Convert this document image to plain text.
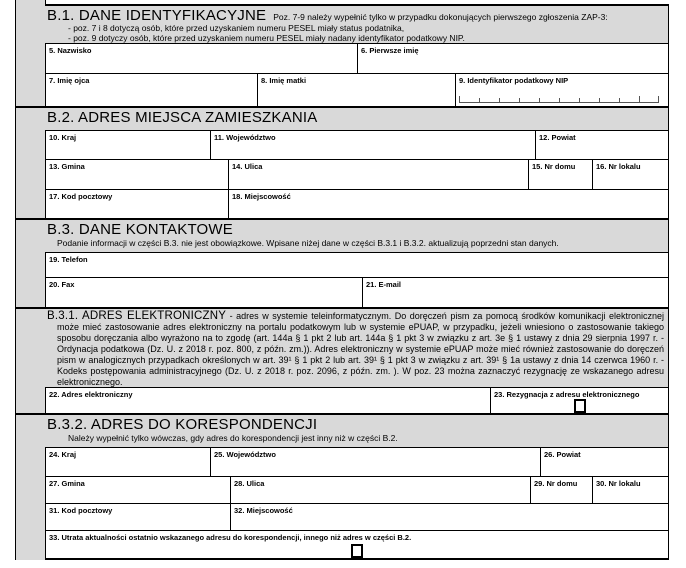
B.1. DANE IDENTYFIKACYJNE Poz. 7-9 należy wypełnić tylko w przypadku dokonujących pierwszego zgłoszenia ZAP-3:
- poz. 7 i 8 dotyczą osób, które przed uzyskaniem numeru PESEL miały status podatnika,
- poz. 9 dotyczy osób, które przed uzyskaniem numeru PESEL miały nadany identyfikator podatkowy NIP.
5. Nazwisko	6. Pierwsze imię
7. Imię ojca	8. Imię matki	9. Identyfikator podatkowy NIP
B.2. ADRES MIEJSCA ZAMIESZKANIA
10. Kraj	11. Województwo	12. Powiat
13. Gmina	14. Ulica	15. Nr domu	16. Nr lokalu
17. Kod pocztowy	18. Miejscowość
B.3. DANE KONTAKTOWE
Podanie informacji w części B.3. nie jest obowiązkowe. Wpisane niżej dane w części B.3.1 i B.3.2. aktualizują poprzedni stan danych.
19. Telefon
20. Fax	21. E-mail
B.3.1. ADRES ELEKTRONICZNY - adres w systemie teleinformatycznym. Do doręczeń pism za pomocą środków komunikacji elektronicznej może mieć zastosowanie adres elektroniczny na portalu podatkowym lub w systemie ePUAP, w przypadku, jeżeli wniesiono o zastosowanie takiego sposobu doręczania albo wyrażono na to zgodę (art. 144a § 1 pkt 2 lub art. 144a § 1 pkt 3 w związku z art. 3e § 1 ustawy z dnia 29 sierpnia 1997 r. - Ordynacja podatkowa (Dz. U. z 2018 r. poz. 800, z późn. zm.)). Adres elektroniczny w systemie ePUAP może mieć również zastosowanie do doręczeń pism w analogicznych przypadkach określonych w art. 39¹ § 1 pkt 2 lub art. 39¹ § 1 pkt 3 w związku z art. 39¹ § 1a ustawy z dnia 14 czerwca 1960 r. - Kodeks postępowania administracyjnego (Dz. U. z 2018 r. poz. 2096, z późn. zm. ). W poz. 23 można zaznaczyć rezygnację ze wskazanego adresu elektronicznego.
22. Adres elektroniczny	23. Rezygnacja z adresu elektronicznego
B.3.2. ADRES DO KORESPONDENCJI
Należy wypełnić tylko wówczas, gdy adres do korespondencji jest inny niż w części B.2.
24. Kraj	25. Województwo	26. Powiat
27. Gmina	28. Ulica	29. Nr domu	30. Nr lokalu
31. Kod pocztowy	32. Miejscowość
33. Utrata aktualności ostatnio wskazanego adresu do korespondencji, innego niż adres w części B.2.
